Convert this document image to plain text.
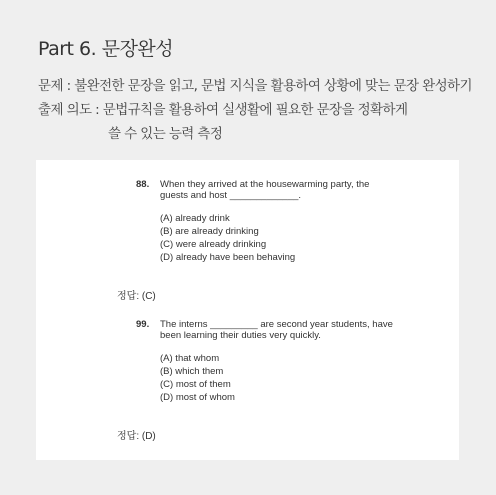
Part 6. 문장완성
문제 : 불완전한 문장을 읽고, 문법 지식을 활용하여 상황에 맞는 문장 완성하기
출제 의도 : 문법규칙을 활용하여 실생활에 필요한 문장을 정확하게
쓸 수 있는 능력 측정
88. When they arrived at the housewarming party, the guests and host _____________.
(A) already drink
(B) are already drinking
(C) were already drinking
(D) already have been behaving
정답: (C)
99. The interns _________ are second year students, have been learning their duties very quickly.
(A) that whom
(B) which them
(C) most of them
(D) most of whom
정답: (D)
